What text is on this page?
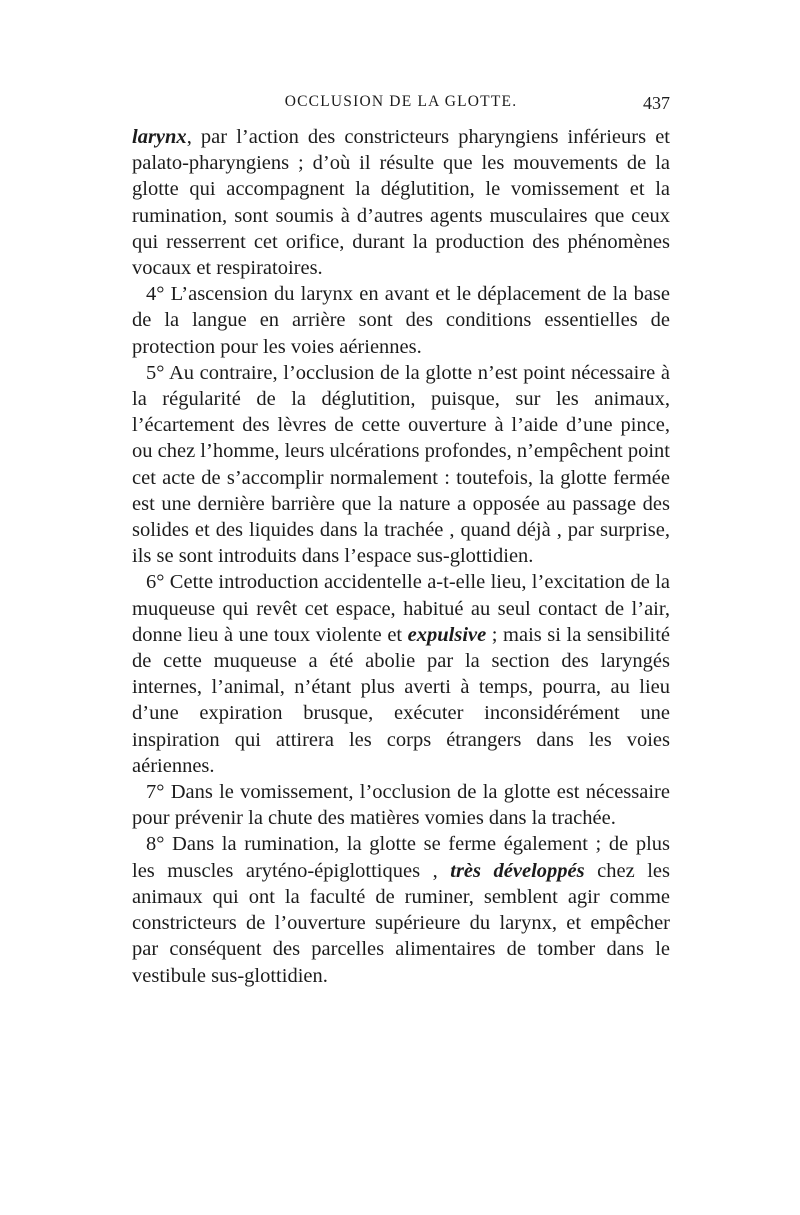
OCCLUSION DE LA GLOTTE.	437

larynx, par l’action des constricteurs pharyngiens inférieurs et palato-pharyngiens ; d’où il résulte que les mouvements de la glotte qui accompagnent la déglutition, le vomissement et la rumination, sont soumis à d’autres agents musculaires que ceux qui resserrent cet orifice, durant la production des phénomènes vocaux et respiratoires.

4° L’ascension du larynx en avant et le déplacement de la base de la langue en arrière sont des conditions essentielles de protection pour les voies aériennes.

5° Au contraire, l’occlusion de la glotte n’est point nécessaire à la régularité de la déglutition, puisque, sur les animaux, l’écartement des lèvres de cette ouverture à l’aide d’une pince, ou chez l’homme, leurs ulcérations profondes, n’empêchent point cet acte de s’accomplir normalement : toutefois, la glotte fermée est une dernière barrière que la nature a opposée au passage des solides et des liquides dans la trachée , quand déjà , par surprise, ils se sont introduits dans l’espace sus-glottidien.

6° Cette introduction accidentelle a-t-elle lieu, l’excitation de la muqueuse qui revêt cet espace, habitué au seul contact de l’air, donne lieu à une toux violente et expulsive ; mais si la sensibilité de cette muqueuse a été abolie par la section des laryngés internes, l’animal, n’étant plus averti à temps, pourra, au lieu d’une expiration brusque, exécuter inconsidérément une inspiration qui attirera les corps étrangers dans les voies aériennes.

7° Dans le vomissement, l’occlusion de la glotte est nécessaire pour prévenir la chute des matières vomies dans la trachée.

8° Dans la rumination, la glotte se ferme également ; de plus les muscles aryténo-épiglottiques , très développés chez les animaux qui ont la faculté de ruminer, semblent agir comme constricteurs de l’ouverture supérieure du larynx, et empêcher par conséquent des parcelles alimentaires de tomber dans le vestibule sus-glottidien.
